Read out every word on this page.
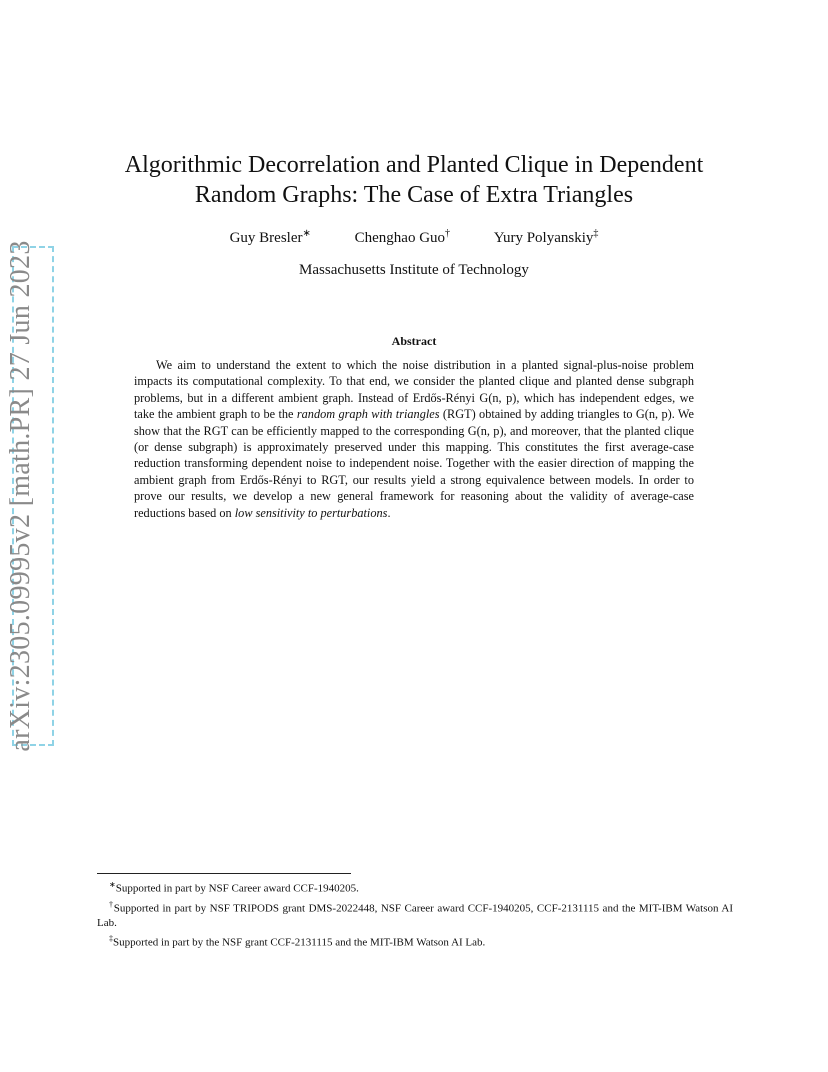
arXiv:2305.09995v2 [math.PR] 27 Jun 2023
Algorithmic Decorrelation and Planted Clique in Dependent
Random Graphs: The Case of Extra Triangles
Guy Bresler∗	Chenghao Guo†	Yury Polyanskiy‡
Massachusetts Institute of Technology
Abstract
We aim to understand the extent to which the noise distribution in a planted signal-plus-noise problem impacts its computational complexity. To that end, we consider the planted clique and planted dense subgraph problems, but in a different ambient graph. Instead of Erdős-Rényi G(n, p), which has independent edges, we take the ambient graph to be the random graph with triangles (RGT) obtained by adding triangles to G(n, p). We show that the RGT can be efficiently mapped to the corresponding G(n, p), and moreover, that the planted clique (or dense subgraph) is approximately preserved under this mapping. This constitutes the first average-case reduction transforming dependent noise to independent noise. Together with the easier direction of mapping the ambient graph from Erdős-Rényi to RGT, our results yield a strong equivalence between models. In order to prove our results, we develop a new general framework for reasoning about the validity of average-case reductions based on low sensitivity to perturbations.

∗Supported in part by NSF Career award CCF-1940205.

†Supported in part by NSF TRIPODS grant DMS-2022448, NSF Career award CCF-1940205, CCF-2131115 and the MIT-IBM Watson AI Lab.

‡Supported in part by the NSF grant CCF-2131115 and the MIT-IBM Watson AI Lab.
